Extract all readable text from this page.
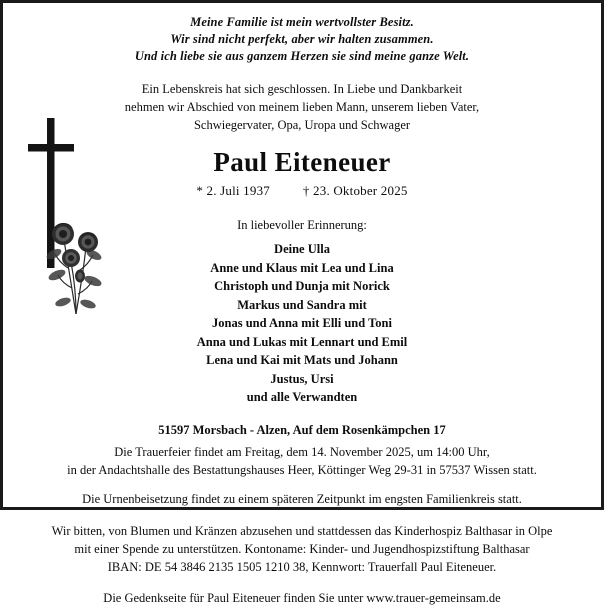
Meine Familie ist mein wertvollster Besitz.
Wir sind nicht perfekt, aber wir halten zusammen.
Und ich liebe sie aus ganzem Herzen sie sind meine ganze Welt.
Ein Lebenskreis hat sich geschlossen. In Liebe und Dankbarkeit
nehmen wir Abschied von meinem lieben Mann, unserem lieben Vater,
Schwiegervater, Opa, Uropa und Schwager
Paul Eiteneuer
* 2. Juli 1937	† 23. Oktober 2025
In liebevoller Erinnerung:
Deine Ulla
Anne und Klaus mit Lea und Lina
Christoph und Dunja mit Norick
Markus und Sandra mit
Jonas und Anna mit Elli und Toni
Anna und Lukas mit Lennart und Emil
Lena und Kai mit Mats und Johann
Justus, Ursi
und alle Verwandten
51597 Morsbach - Alzen, Auf dem Rosenkämpchen 17
Die Trauerfeier findet am Freitag, dem 14. November 2025, um 14:00 Uhr,
in der Andachtshalle des Bestattungshauses Heer, Köttinger Weg 29-31 in 57537 Wissen statt.
Die Urnenbeisetzung findet zu einem späteren Zeitpunkt im engsten Familienkreis statt.
Wir bitten, von Blumen und Kränzen abzusehen und stattdessen das Kinderhospiz Balthasar in Olpe
mit einer Spende zu unterstützen. Kontoname: Kinder- und Jugendhospizstiftung Balthasar
IBAN: DE 54 3846 2135 1505 1210 38, Kennwort: Trauerfall Paul Eiteneuer.
Die Gedenkseite für Paul Eiteneuer finden Sie unter www.trauer-gemeinsam.de
